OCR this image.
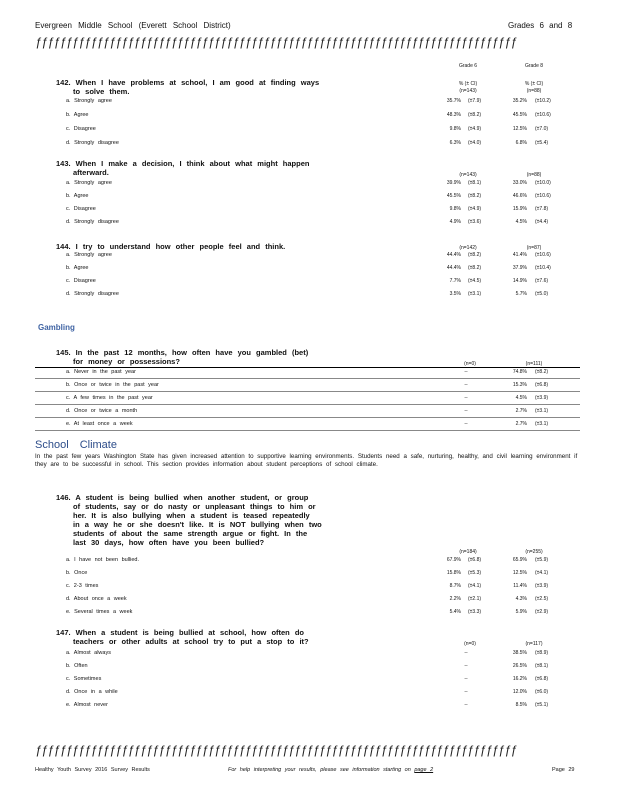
Evergreen Middle School (Everett School District)	Grades 6 and 8
ƒƒƒƒƒƒƒƒƒƒƒƒƒƒƒƒƒƒƒƒƒƒƒƒƒƒƒƒƒƒƒƒƒƒƒƒƒƒƒƒƒƒƒƒƒƒƒƒƒƒƒƒƒƒƒƒƒƒƒƒƒƒƒƒƒƒƒƒƒƒƒƒƒƒƒƒƒƒ
Grade 6	Grade 8
142. When I have problems at school, I am good at finding ways
to solve them.
% (± CI)	% (± CI)
(n=143)	(n=88)
a. Strongly agree	35.7% (±7.9)	35.2% (±10.2)
b. Agree	48.3% (±8.2)	45.5% (±10.6)
c. Disagree	9.8% (±4.9)	12.5% (±7.0)
d. Strongly disagree	6.3% (±4.0)	6.8% (±5.4)
143. When I make a decision, I think about what might happen
afterward.	(n=143)	(n=88)
a. Strongly agree	39.9% (±8.1)	33.0% (±10.0)
b. Agree	45.5% (±8.2)	46.6% (±10.6)
c. Disagree	9.8% (±4.9)	15.9% (±7.8)
d. Strongly disagree	4.9% (±3.6)	4.5% (±4.4)
144. I try to understand how other people feel and think.	(n=142)	(n=87)
a. Strongly agree	44.4% (±8.2)	41.4% (±10.6)
b. Agree	44.4% (±8.2)	37.9% (±10.4)
c. Disagree	7.7% (±4.5)	14.9% (±7.6)
d. Strongly disagree	3.5% (±3.1)	5.7% (±5.0)
Gambling
145. In the past 12 months, how often have you gambled (bet)
for money or possessions?	(n=0)	(n=111)
a. Never in the past year	--	74.8% (±8.2)
b. Once or twice in the past year	--	15.3% (±6.8)
c. A few times in the past year	--	4.5% (±3.9)
d. Once or twice a month	--	2.7% (±3.1)
e. At least once a week	--	2.7% (±3.1)
School Climate
In the past few years Washington State has given increased attention to supportive learning environments. Students need a safe, nurturing, healthy, and civil learning environment if they are to be successful in school. This section provides information about student perceptions of school climate.
146. A student is being bullied when another student, or group
of students, say or do nasty or unpleasant things to him or
her. It is also bullying when a student is teased repeatedly
in a way he or she doesn't like. It is NOT bullying when two
students of about the same strength argue or fight. In the
last 30 days, how often have you been bullied?
(n=184)	(n=255)
a. I have not been bullied.	67.9% (±6.8)	65.9% (±5.9)
b. Once	15.8% (±5.3)	12.5% (±4.1)
c. 2-3 times	8.7% (±4.1)	11.4% (±3.9)
d. About once a week	2.2% (±2.1)	4.3% (±2.5)
e. Several times a week	5.4% (±3.3)	5.9% (±2.9)
147. When a student is being bullied at school, how often do
teachers or other adults at school try to put a stop to it?	(n=0)	(n=117)
a. Almost always	--	38.5% (±8.9)
b. Often	--	26.5% (±8.1)
c. Sometimes	--	16.2% (±6.8)
d. Once in a while	--	12.0% (±6.0)
e. Almost never	--	8.5% (±5.1)
ƒƒƒƒƒƒƒƒƒƒƒƒƒƒƒƒƒƒƒƒƒƒƒƒƒƒƒƒƒƒƒƒƒƒƒƒƒƒƒƒƒƒƒƒƒƒƒƒƒƒƒƒƒƒƒƒƒƒƒƒƒƒƒƒƒƒƒƒƒƒƒƒƒƒƒƒƒƒ
Healthy Youth Survey 2016 Survey Results	For help interpreting your results, please see information starting on page 2	Page 29
